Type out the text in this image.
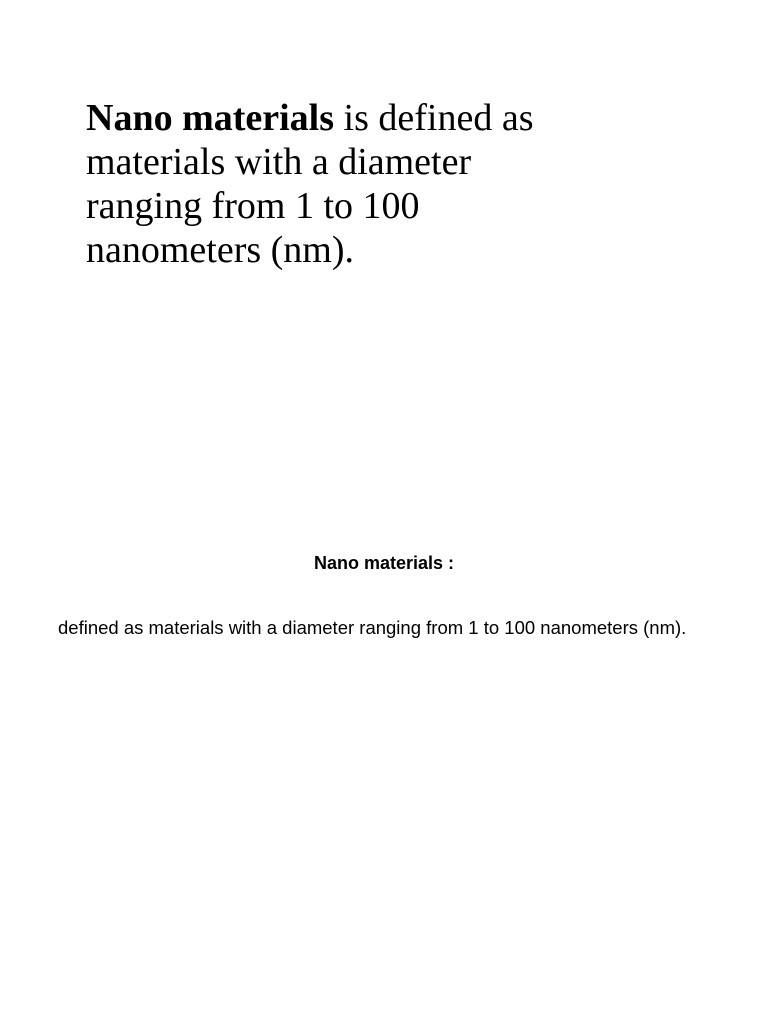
Nano materials is defined as materials with a diameter ranging from 1 to 100 nanometers (nm).
Nano materials :
defined as materials with a diameter ranging from 1 to 100 nanometers (nm).
